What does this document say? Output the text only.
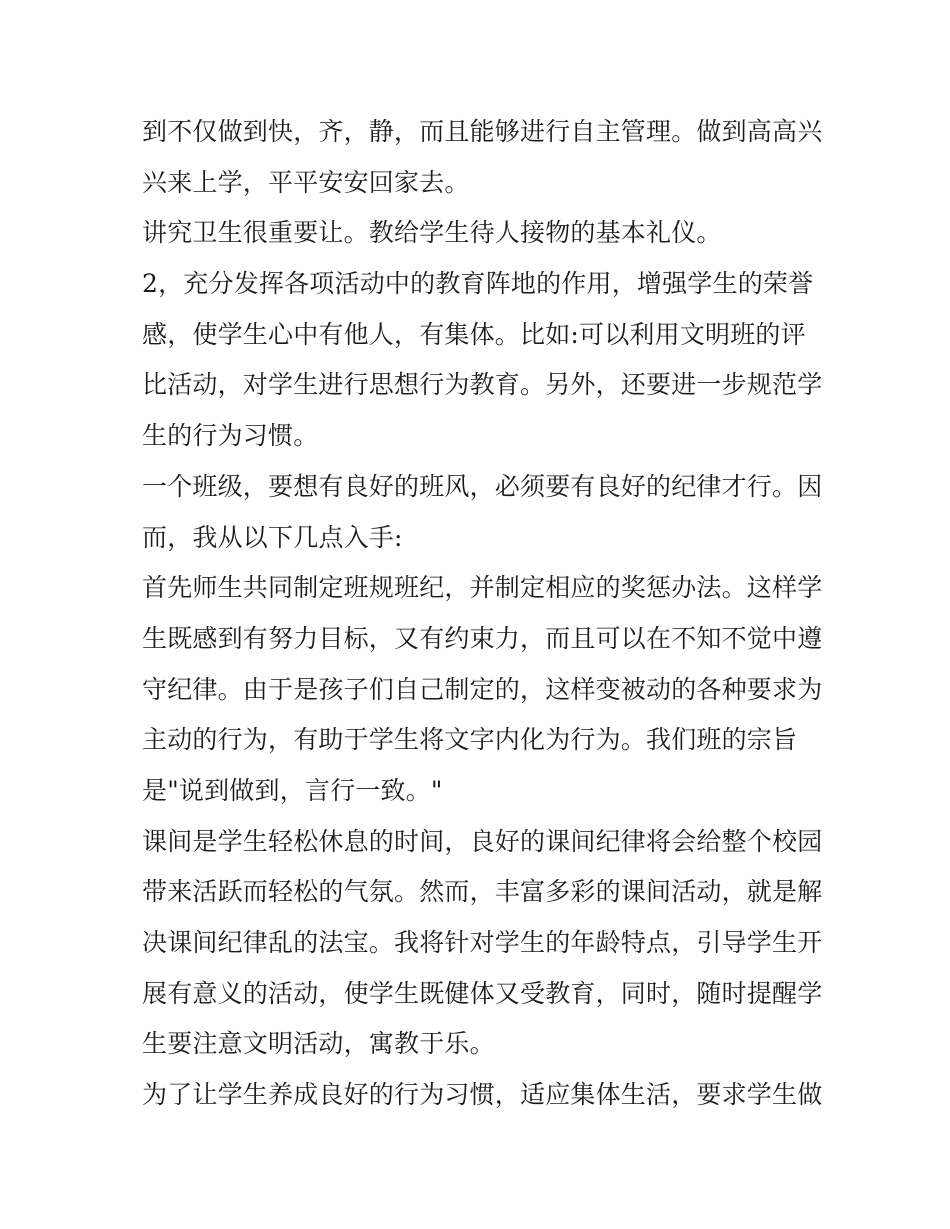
到不仅做到快，齐，静，而且能够进行自主管理。做到高高兴
兴来上学，平平安安回家去。
讲究卫生很重要让。教给学生待人接物的基本礼仪。
2，充分发挥各项活动中的教育阵地的作用，增强学生的荣誉
感，使学生心中有他人，有集体。比如:可以利用文明班的评
比活动，对学生进行思想行为教育。另外，还要进一步规范学
生的行为习惯。
一个班级，要想有良好的班风，必须要有良好的纪律才行。因
而，我从以下几点入手:
首先师生共同制定班规班纪，并制定相应的奖惩办法。这样学
生既感到有努力目标，又有约束力，而且可以在不知不觉中遵
守纪律。由于是孩子们自己制定的，这样变被动的各种要求为
主动的行为，有助于学生将文字内化为行为。我们班的宗旨
是"说到做到，言行一致。"
课间是学生轻松休息的时间，良好的课间纪律将会给整个校园
带来活跃而轻松的气氛。然而，丰富多彩的课间活动，就是解
决课间纪律乱的法宝。我将针对学生的年龄特点，引导学生开
展有意义的活动，使学生既健体又受教育，同时，随时提醒学
生要注意文明活动，寓教于乐。
为了让学生养成良好的行为习惯，适应集体生活，要求学生做
